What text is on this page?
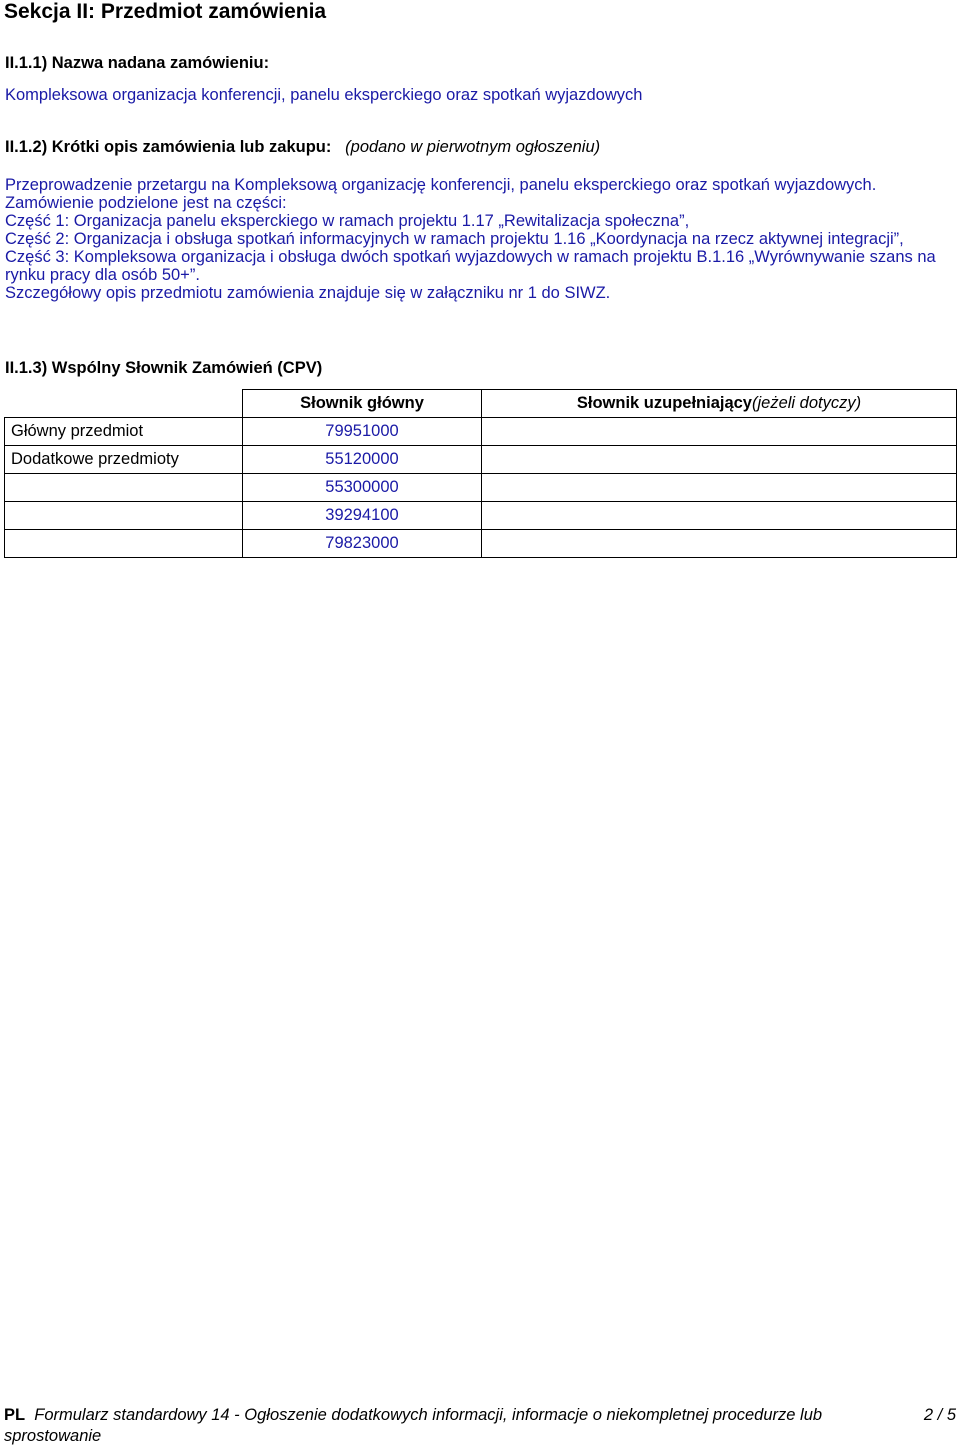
Sekcja II: Przedmiot zamówienia
II.1.1) Nazwa nadana zamówieniu:
Kompleksowa organizacja konferencji, panelu eksperckiego oraz spotkań wyjazdowych
II.1.2) Krótki opis zamówienia lub zakupu: (podano w pierwotnym ogłoszeniu)

Przeprowadzenie przetargu na Kompleksową organizację konferencji, panelu eksperckiego oraz spotkań wyjazdowych.

Zamówienie podzielone jest na części:

Część 1: Organizacja panelu eksperckiego w ramach projektu 1.17 „Rewitalizacja społeczna”,

Część 2: Organizacja i obsługa spotkań informacyjnych w ramach projektu 1.16 „Koordynacja na rzecz aktywnej integracji”,

Część 3: Kompleksowa organizacja i obsługa dwóch spotkań wyjazdowych w ramach projektu B.1.16 „Wyrównywanie szans na rynku pracy dla osób 50+”.

Szczegółowy opis przedmiotu zamówienia znajduje się w załączniku nr 1 do SIWZ.

II.1.3) Wspólny Słownik Zamówień (CPV)
	Słownik główny	Słownik uzupełniający(jeżeli dotyczy)
Główny przedmiot	79951000	
Dodatkowe przedmioty	55120000	
	55300000	
	39294100	
	79823000	
PL Formularz standardowy 14 - Ogłoszenie dodatkowych informacji, informacje o niekompletnej procedurze lub sprostowanie
2 / 5
